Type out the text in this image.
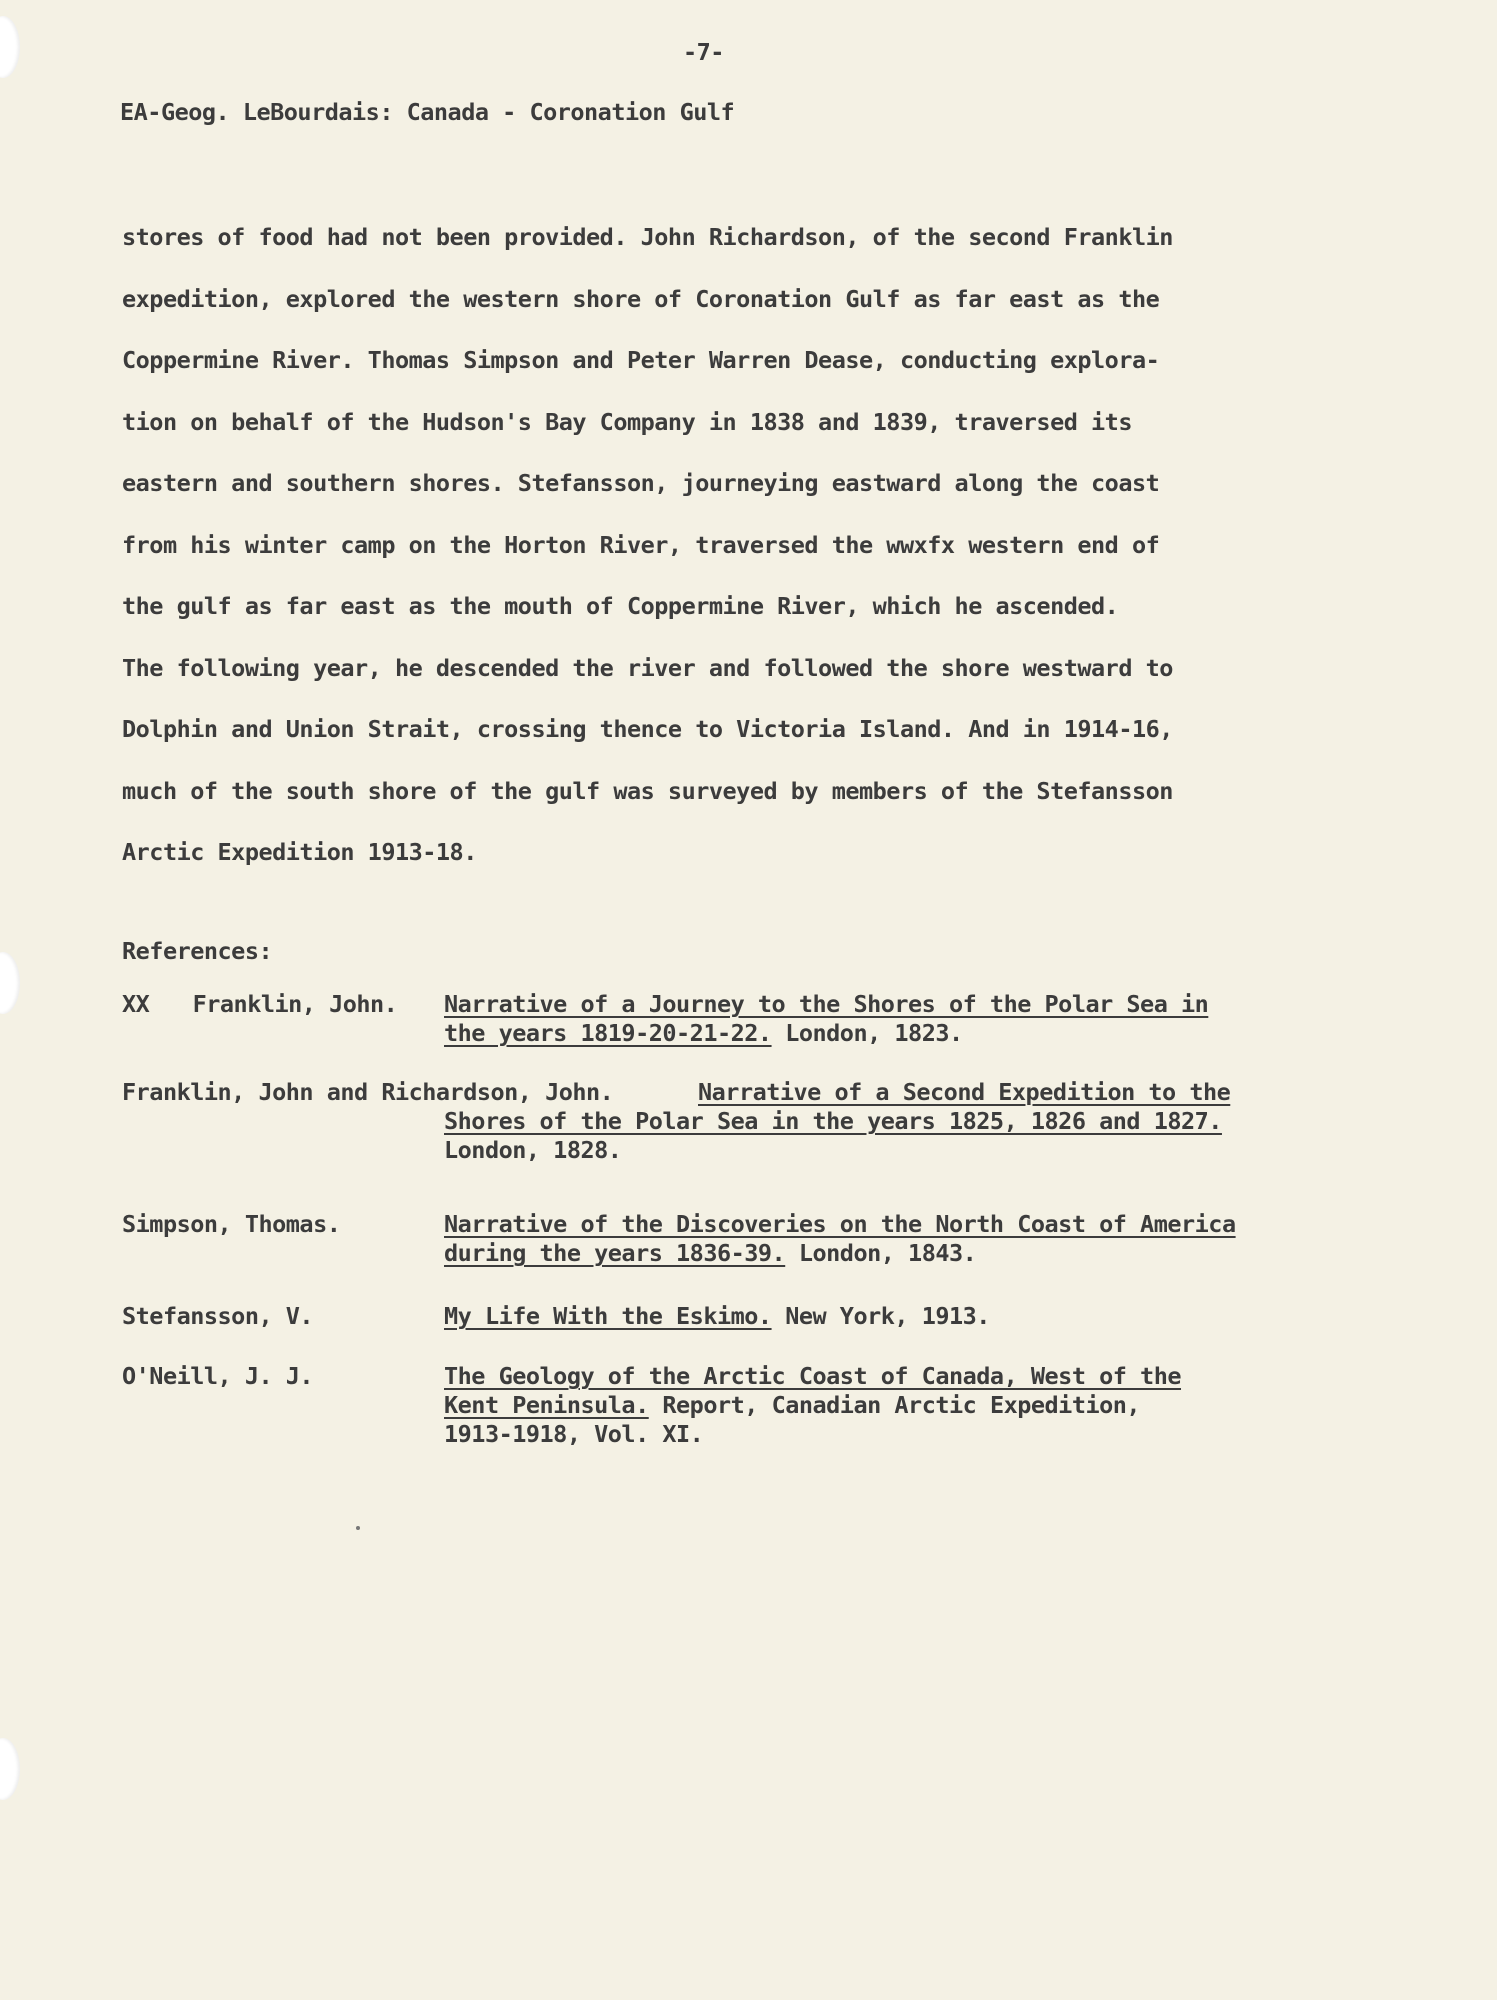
-7-
EA-Geog. LeBourdais: Canada - Coronation Gulf
stores of food had not been provided. John Richardson, of the second Franklin
expedition, explored the western shore of Coronation Gulf as far east as the
Coppermine River. Thomas Simpson and Peter Warren Dease, conducting explora-
tion on behalf of the Hudson's Bay Company in 1838 and 1839, traversed its
eastern and southern shores. Stefansson, journeying eastward along the coast
from his winter camp on the Horton River, traversed the wwxfx western end of
the gulf as far east as the mouth of Coppermine River, which he ascended.
The following year, he descended the river and followed the shore westward to
Dolphin and Union Strait, crossing thence to Victoria Island. And in 1914-16,
much of the south shore of the gulf was surveyed by members of the Stefansson
Arctic Expedition 1913-18.
References:
XX Franklin, John. Narrative of a Journey to the Shores of the Polar Sea in
the years 1819-20-21-22. London, 1823.
Franklin, John and Richardson, John.	Narrative of a Second Expedition to the
Shores of the Polar Sea in the years 1825, 1826 and 1827.
London, 1828.
Simpson, Thomas.	Narrative of the Discoveries on the North Coast of America
during the years 1836-39. London, 1843.
Stefansson, V.	My Life With the Eskimo. New York, 1913.
O'Neill, J. J.	The Geology of the Arctic Coast of Canada, West of the
Kent Peninsula. Report, Canadian Arctic Expedition,
1913-1918, Vol. XI.
